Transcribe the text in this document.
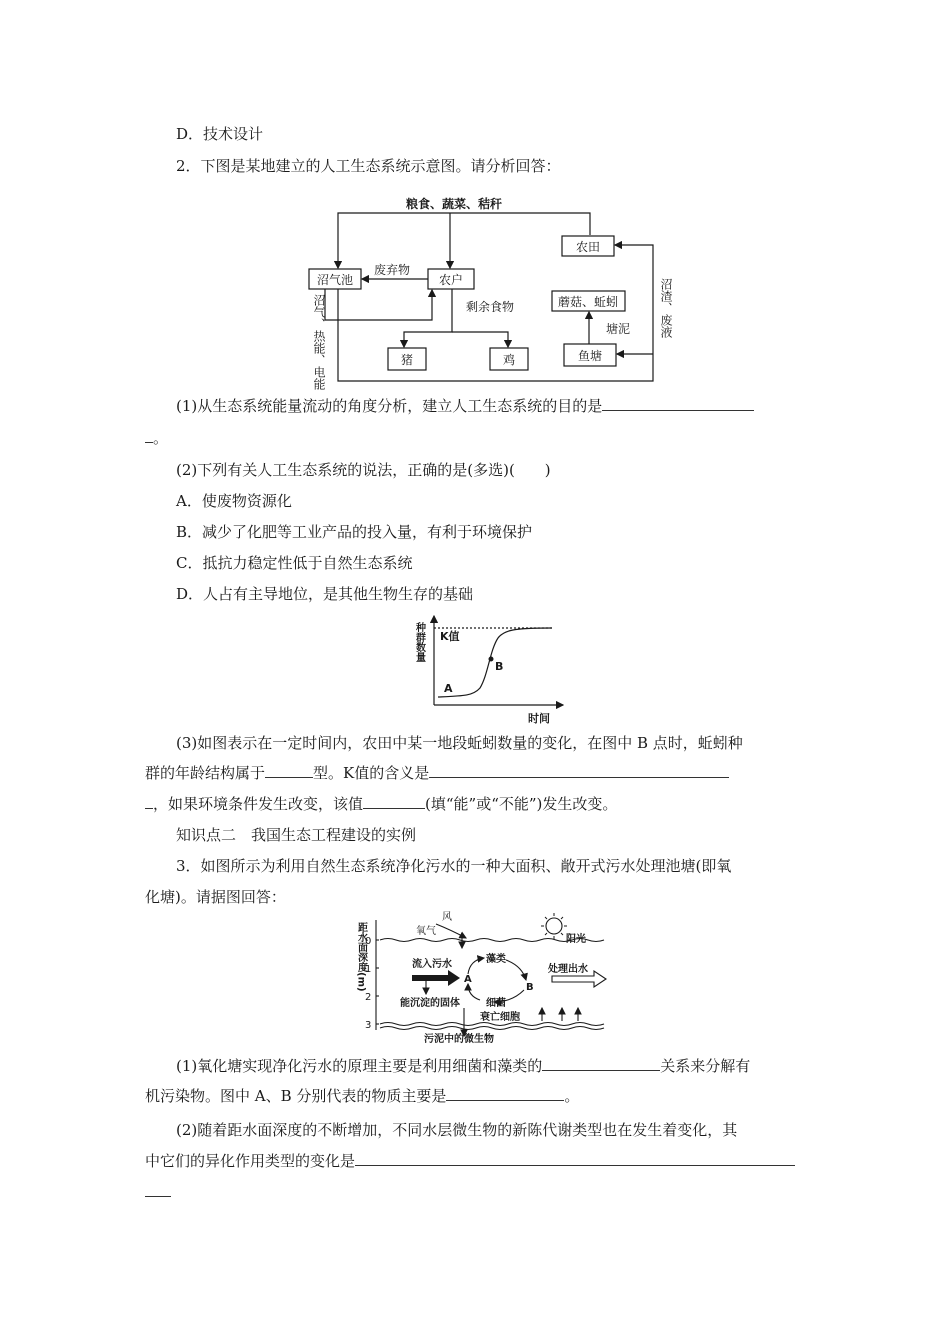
D．技术设计
2．下图是某地建立的人工生态系统示意图。请分析回答：
粮食、蔬菜、秸秆
沼气池	农户
废弃物
农田
蘑菇、蚯蚓
塘泥
鱼塘
剩余食物
猪	鸡
沼气、热能、电能	沼渣、废液
(1)从生态系统能量流动的角度分析，建立人工生态系统的目的是
。
(2)下列有关人工生态系统的说法，正确的是(多选)(　　)
A．使废物资源化
B．减少了化肥等工业产品的投入量，有利于环境保护
C．抵抗力稳定性低于自然生态系统
D．人占有主导地位，是其他生物生存的基础
种群数量 K值
A
B
时间
(3)如图表示在一定时间内，农田中某一地段蚯蚓数量的变化，在图中 B 点时，蚯蚓种
群的年龄结构属于	型。K值的含义是
，如果环境条件发生改变，该值	(填“能”或“不能”)发生改变。
知识点二　我国生态工程建设的实例
3．如图所示为利用自然生态系统净化污水的一种大面积、敞开式污水处理池塘(即氧
化塘)。请据图回答：
距水面深度(m)
0
1
2
3
风
氧气
阳光
流入污水	藻类
处理出水
A
B
细菌
能沉淀的固体
衰亡细胞
污泥中的微生物
(1)氧化塘实现净化污水的原理主要是利用细菌和藻类的	关系来分解有
机污染物。图中 A、B 分别代表的物质主要是	。
(2)随着距水面深度的不断增加，不同水层微生物的新陈代谢类型也在发生着变化，其
中它们的异化作用类型的变化是
